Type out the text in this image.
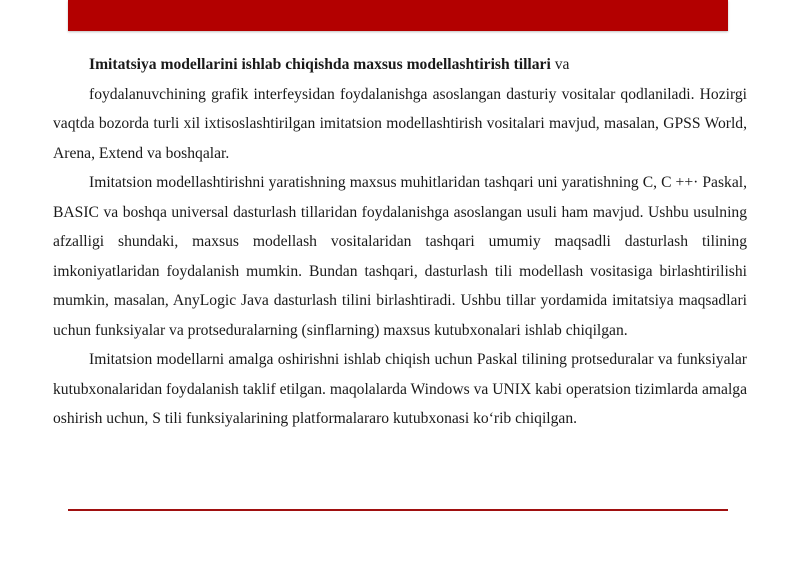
Imitatsiya modellarini ishlab chiqishda maxsus modellashtirish tillari va

foydalanuvchining grafik interfeysidan foydalanishga asoslangan dasturiy vositalar qodlaniladi. Hozirgi vaqtda bozorda turli xil ixtisoslashtirilgan imitatsion modellashtirish vositalari mavjud, masalan, GPSS World, Arena, Extend va boshqalar.

Imitatsion modellashtirishni yaratishning maxsus muhitlaridan tashqari uni yaratishning C, C ++· Paskal, BASIC va boshqa universal dasturlash tillaridan foydalanishga asoslangan usuli ham mavjud. Ushbu usulning afzalligi shundaki, maxsus modellash vositalaridan tashqari umumiy maqsadli dasturlash tilining imkoniyatlaridan foydalanish mumkin. Bundan tashqari, dasturlash tili modellash vositasiga birlashtirilishi mumkin, masalan, AnyLogic Java dasturlash tilini birlashtiradi. Ushbu tillar yordamida imitatsiya maqsadlari uchun funksiyalar va protseduralarning (sinflarning) maxsus kutubxonalari ishlab chiqilgan.

Imitatsion modellarni amalga oshirishni ishlab chiqish uchun Paskal tilining protseduralar va funksiyalar kutubxonalaridan foydalanish taklif etilgan. maqolalarda Windows va UNIX kabi operatsion tizimlarda amalga oshirish uchun, S tili funksiyalarining platformalararo kutubxonasi ko‘rib chiqilgan.
